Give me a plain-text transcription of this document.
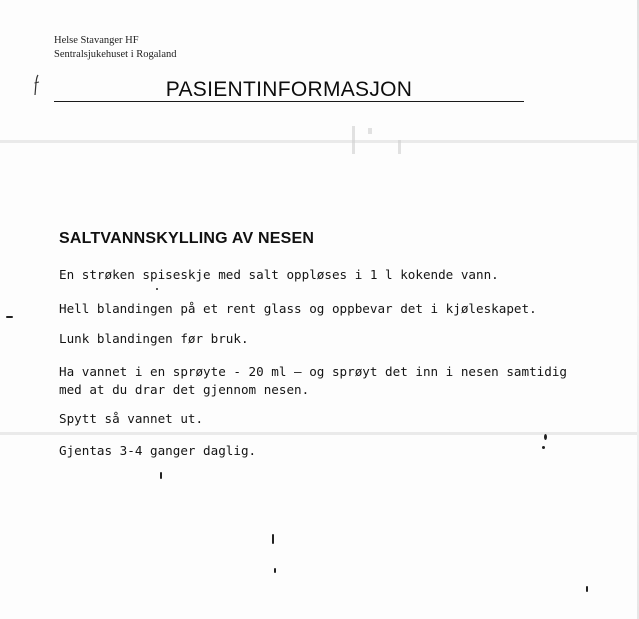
Helse Stavanger HF
Sentralsjukehuset i Rogaland
PASIENTINFORMASJON
SALTVANNSKYLLING AV NESEN
En strøken spiseskje med salt oppløses i 1 l kokende vann.
Hell blandingen på et rent glass og oppbevar det i kjøleskapet.
Lunk blandingen før bruk.
Ha vannet i en sprøyte - 20 ml – og sprøyt det inn i nesen samtidig
med at du drar det gjennom nesen.
Spytt så vannet ut.
Gjentas 3-4 ganger daglig.
